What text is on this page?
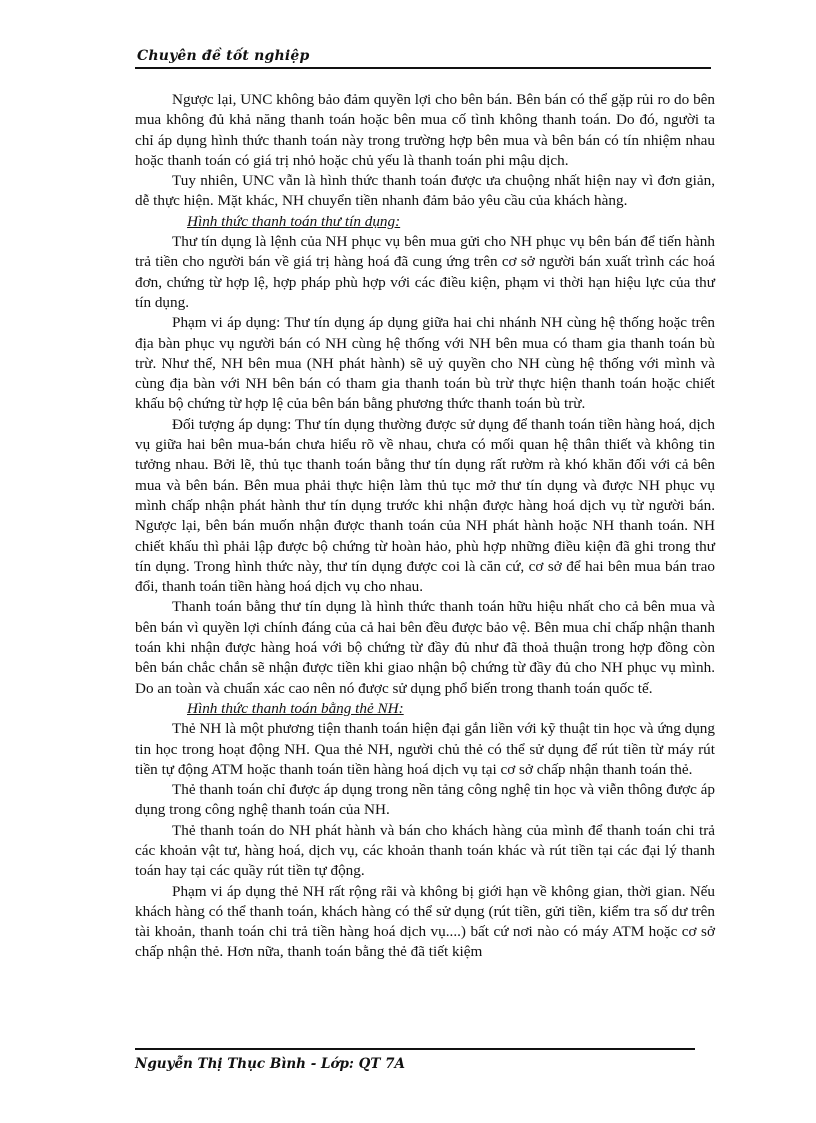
Chuyên đề tốt nghiệp

Ngược lại, UNC không bảo đảm quyền lợi cho bên bán. Bên bán có thể gặp rủi ro do bên mua không đủ khả năng thanh toán hoặc bên mua cố tình không thanh toán. Do đó, người ta chỉ áp dụng hình thức thanh toán này trong trường hợp bên mua và bên bán có tín nhiệm nhau hoặc thanh toán có giá trị nhỏ hoặc chủ yếu là thanh toán phi mậu dịch.

Tuy nhiên, UNC vẫn là hình thức thanh toán được ưa chuộng nhất hiện nay vì đơn giản, dễ thực hiện. Mặt khác, NH chuyển tiền nhanh đảm bảo yêu cầu của khách hàng.

Hình thức thanh toán thư tín dụng:

Thư tín dụng là lệnh của NH phục vụ bên mua gửi cho NH phục vụ bên bán để tiến hành trả tiền cho người bán về giá trị hàng hoá đã cung ứng trên cơ sở người bán xuất trình các hoá đơn, chứng từ hợp lệ, hợp pháp phù hợp với các điều kiện, phạm vi thời hạn hiệu lực của thư tín dụng.

Phạm vi áp dụng: Thư tín dụng áp dụng giữa hai chi nhánh NH cùng hệ thống hoặc trên địa bàn phục vụ người bán có NH cùng hệ thống với NH bên mua có tham gia thanh toán bù trừ. Như thế, NH bên mua (NH phát hành) sẽ uỷ quyền cho NH cùng hệ thống với mình và cùng địa bàn với NH bên bán có tham gia thanh toán bù trừ thực hiện thanh toán hoặc chiết khấu bộ chứng từ hợp lệ của bên bán bằng phương thức thanh toán bù trừ.

Đối tượng áp dụng: Thư tín dụng thường được sử dụng để thanh toán tiền hàng hoá, dịch vụ giữa hai bên mua-bán chưa hiểu rõ về nhau, chưa có mối quan hệ thân thiết và không tin tưởng nhau. Bởi lẽ, thủ tục thanh toán bằng thư tín dụng rất rườm rà khó khăn đối với cả bên mua và bên bán. Bên mua phải thực hiện làm thủ tục mở thư tín dụng và được NH phục vụ mình chấp nhận phát hành thư tín dụng trước khi nhận được hàng hoá dịch vụ từ người bán. Ngược lại, bên bán muốn nhận được thanh toán của NH phát hành hoặc NH thanh toán. NH chiết khấu thì phải lập được bộ chứng từ hoàn hảo, phù hợp những điều kiện đã ghi trong thư tín dụng. Trong hình thức này, thư tín dụng được coi là căn cứ, cơ sở để hai bên mua bán trao đổi, thanh toán tiền hàng hoá dịch vụ cho nhau.

Thanh toán bằng thư tín dụng là hình thức thanh toán hữu hiệu nhất cho cả bên mua và bên bán vì quyền lợi chính đáng của cả hai bên đều được bảo vệ. Bên mua chỉ chấp nhận thanh toán khi nhận được hàng hoá với bộ chứng từ đầy đủ như đã thoả thuận trong hợp đồng còn bên bán chắc chắn sẽ nhận được tiền khi giao nhận bộ chứng từ đầy đủ cho NH phục vụ mình. Do an toàn và chuẩn xác cao nên nó được sử dụng phổ biến trong thanh toán quốc tế.

Hình thức thanh toán bằng thẻ NH:

Thẻ NH là một phương tiện thanh toán hiện đại gắn liền với kỹ thuật tin học và ứng dụng tin học trong hoạt động NH. Qua thẻ NH, người chủ thẻ có thể sử dụng để rút tiền từ máy rút tiền tự động ATM hoặc thanh toán tiền hàng hoá dịch vụ tại cơ sở chấp nhận thanh toán thẻ.

Thẻ thanh toán chỉ được áp dụng trong nền tảng công nghệ tin học và viễn thông được áp dụng trong công nghệ thanh toán của NH.

Thẻ thanh toán do NH phát hành và bán cho khách hàng của mình để thanh toán chi trả các khoản vật tư, hàng hoá, dịch vụ, các khoản thanh toán khác và rút tiền tại các đại lý thanh toán hay tại các quầy rút tiền tự động.

Phạm vi áp dụng thẻ NH rất rộng rãi và không bị giới hạn về không gian, thời gian. Nếu khách hàng có thể thanh toán, khách hàng có thể sử dụng (rút tiền, gửi tiền, kiểm tra số dư trên tài khoản, thanh toán chi trả tiền hàng hoá dịch vụ....) bất cứ nơi nào có máy ATM hoặc cơ sở chấp nhận thẻ. Hơn nữa, thanh toán bằng thẻ đã tiết kiệm

Nguyễn Thị Thục Bình - Lớp: QT 7A
